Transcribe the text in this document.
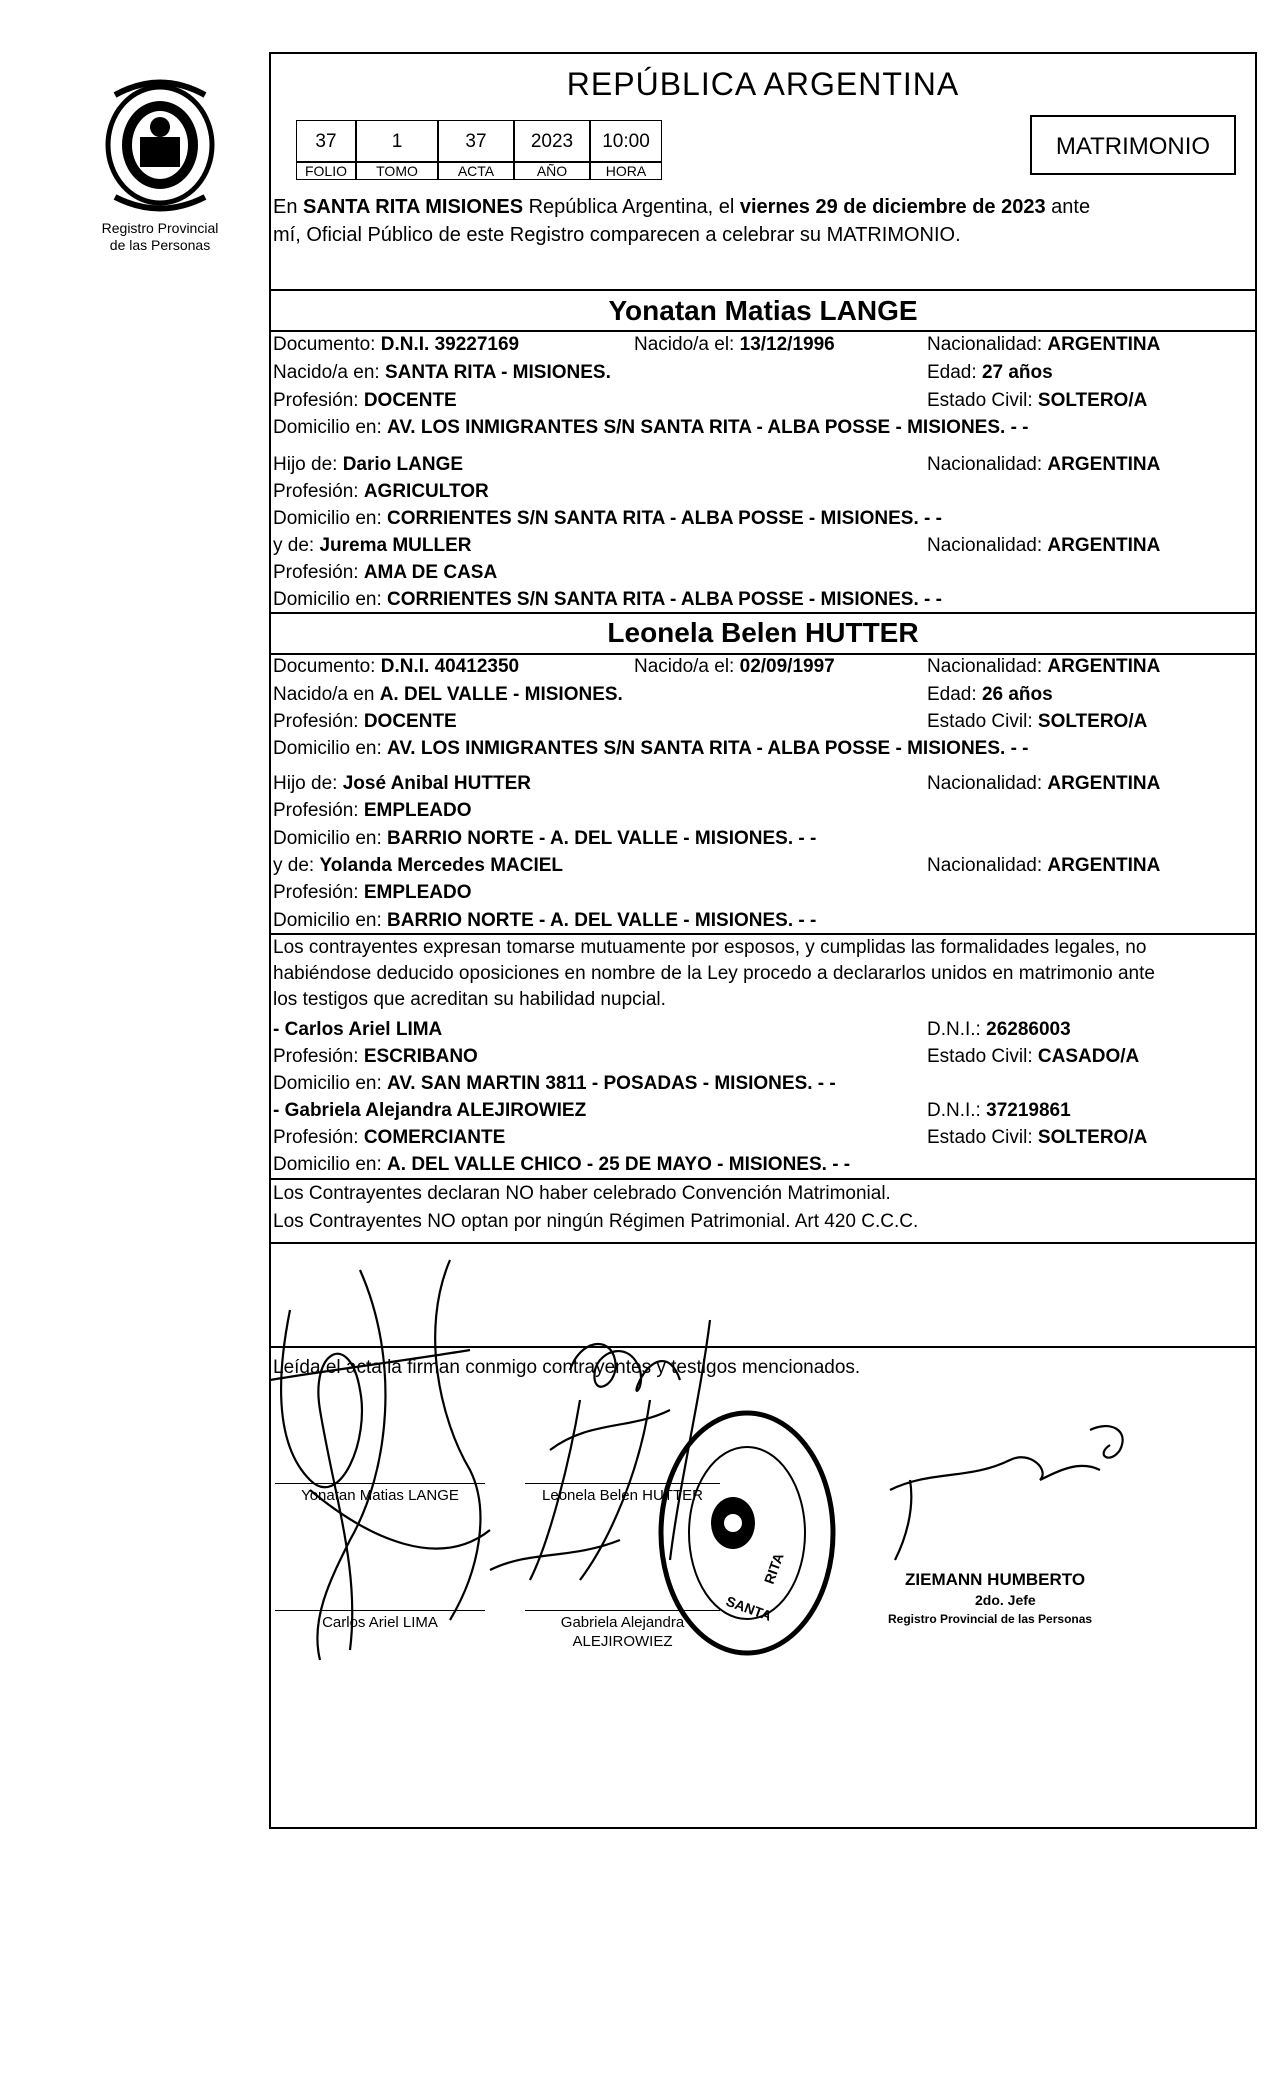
Registro Provincial
de las Personas
REPÚBLICA ARGENTINA
37	1	37	2023	10:00
FOLIO	TOMO	ACTA	AÑO	HORA
MATRIMONIO
En SANTA RITA MISIONES República Argentina, el viernes 29 de diciembre de 2023 ante
mí, Oficial Público de este Registro comparecen a celebrar su MATRIMONIO.
Yonatan Matias LANGE
Documento: D.N.I. 39227169	Nacido/a el: 13/12/1996	Nacionalidad: ARGENTINA
Nacido/a en: SANTA RITA - MISIONES.	Edad: 27 años
Profesión: DOCENTE	Estado Civil: SOLTERO/A
Domicilio en: AV. LOS INMIGRANTES S/N SANTA RITA - ALBA POSSE - MISIONES. - -
Hijo de: Dario LANGE	Nacionalidad: ARGENTINA
Profesión: AGRICULTOR
Domicilio en: CORRIENTES S/N SANTA RITA - ALBA POSSE - MISIONES. - -
y de: Jurema MULLER	Nacionalidad: ARGENTINA
Profesión: AMA DE CASA
Domicilio en: CORRIENTES S/N SANTA RITA - ALBA POSSE - MISIONES. - -
Leonela Belen HUTTER
Documento: D.N.I. 40412350	Nacido/a el: 02/09/1997	Nacionalidad: ARGENTINA
Nacido/a en A. DEL VALLE - MISIONES.	Edad: 26 años
Profesión: DOCENTE	Estado Civil: SOLTERO/A
Domicilio en: AV. LOS INMIGRANTES S/N SANTA RITA - ALBA POSSE - MISIONES. - -
Hijo de: José Anibal HUTTER	Nacionalidad: ARGENTINA
Profesión: EMPLEADO
Domicilio en: BARRIO NORTE - A. DEL VALLE - MISIONES. - -
y de: Yolanda Mercedes MACIEL	Nacionalidad: ARGENTINA
Profesión: EMPLEADO
Domicilio en: BARRIO NORTE - A. DEL VALLE - MISIONES. - -
Los contrayentes expresan tomarse mutuamente por esposos, y cumplidas las formalidades legales, no
habiéndose deducido oposiciones en nombre de la Ley procedo a declararlos unidos en matrimonio ante
los testigos que acreditan su habilidad nupcial.
- Carlos Ariel LIMA	D.N.I.: 26286003
Profesión: ESCRIBANO	Estado Civil: CASADO/A
Domicilio en: AV. SAN MARTIN 3811 - POSADAS - MISIONES. - -
- Gabriela Alejandra ALEJIROWIEZ	D.N.I.: 37219861
Profesión: COMERCIANTE	Estado Civil: SOLTERO/A
Domicilio en: A. DEL VALLE CHICO - 25 DE MAYO - MISIONES. - -
Los Contrayentes declaran NO haber celebrado Convención Matrimonial.
Los Contrayentes NO optan por ningún Régimen Patrimonial. Art 420 C.C.C.
Leída el acta la firman conmigo contrayentes y testigos mencionados.
Yonatan Matias LANGE	Leonela Belen HUTTER
Carlos Ariel LIMA	Gabriela Alejandra
ALEJIROWIEZ
RITA
SANTA
ZIEMANN HUMBERTO
2do. Jefe
Registro Provincial de las Personas
